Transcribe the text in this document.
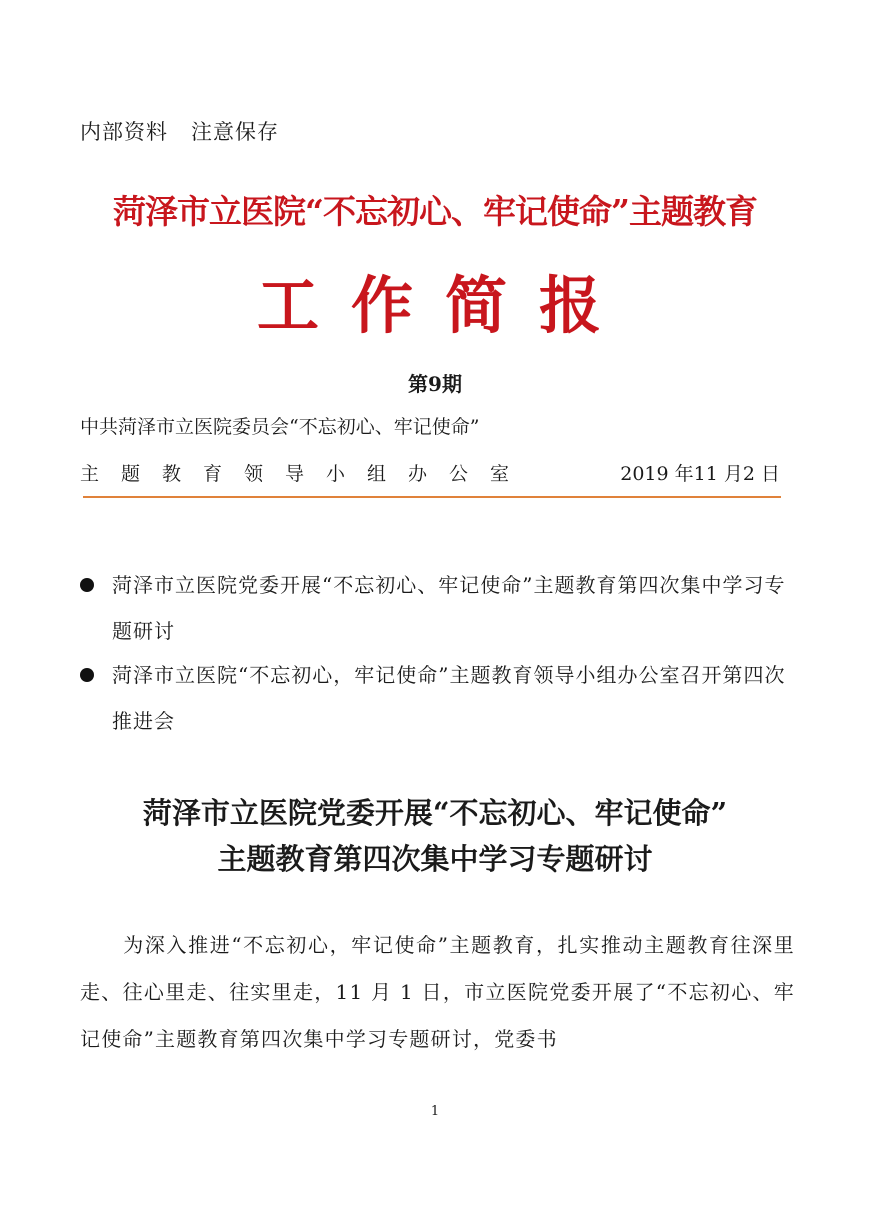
内部资料   注意保存
菏泽市立医院“不忘初心、牢记使命”主题教育
工作简报
第9期
中共菏泽市立医院委员会“不忘初心、牢记使命”
主题教育领导小组办公室	2019 年11 月2 日
菏泽市立医院党委开展“不忘初心、牢记使命”主题教育第四次集中学习专题研讨
菏泽市立医院“不忘初心，牢记使命”主题教育领导小组办公室召开第四次推进会
菏泽市立医院党委开展“不忘初心、牢记使命”
主题教育第四次集中学习专题研讨
　　为深入推进“不忘初心，牢记使命”主题教育，扎实推动主题教育往深里走、往心里走、往实里走，11 月 1 日，市立医院党委开展了“不忘初心、牢记使命”主题教育第四次集中学习专题研讨，党委书
1
